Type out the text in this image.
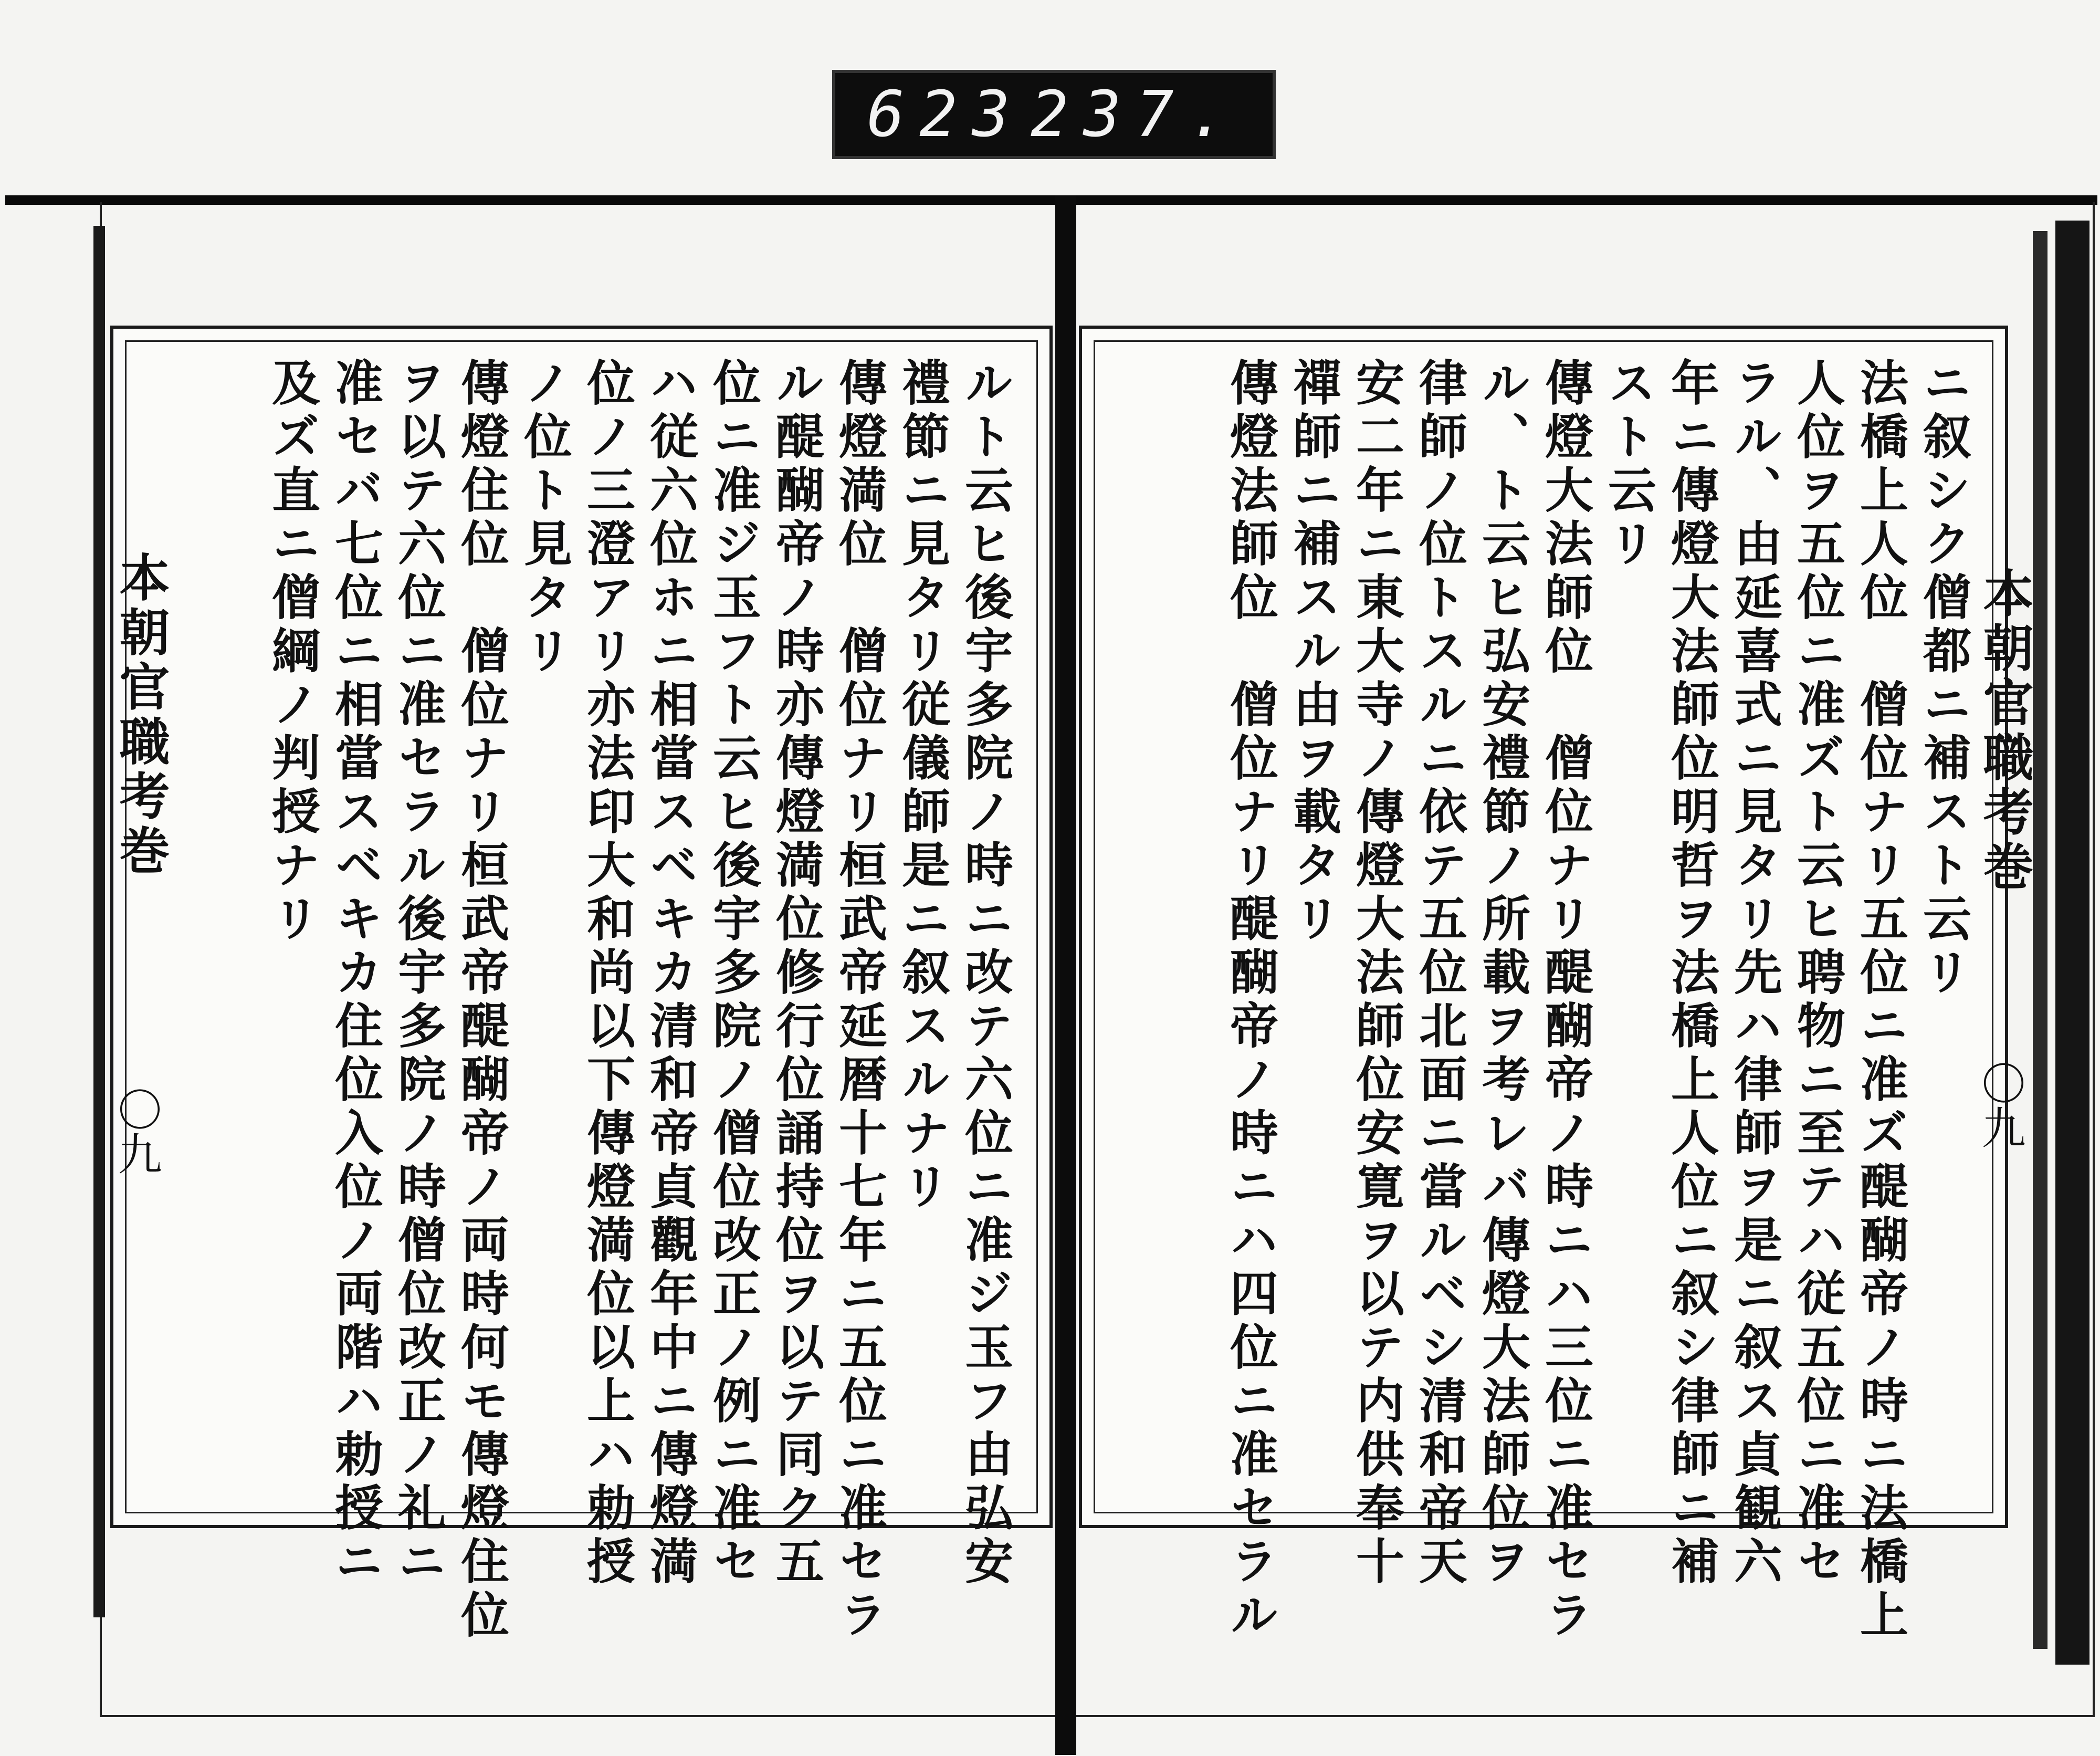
623 237.
ニ叙シク僧都ニ補スト云リ
法橋上人位　僧位ナリ五位ニ准ズ醍醐帝ノ時ニ法橋上
人位ヲ五位ニ准ズト云ヒ聘物ニ至テハ従五位ニ准セ
ラル、由延喜式ニ見タリ先ハ律師ヲ是ニ叙ス貞観六
年ニ傳燈大法師位明哲ヲ法橋上人位ニ叙シ律師ニ補
スト云リ
傳燈大法師位　僧位ナリ醍醐帝ノ時ニハ三位ニ准セラ
ル、ト云ヒ弘安禮節ノ所載ヲ考レバ傳燈大法師位ヲ
律師ノ位トスルニ依テ五位北面ニ當ルベシ清和帝天
安二年ニ東大寺ノ傳燈大法師位安寛ヲ以テ内供奉十
禪師ニ補スル由ヲ載タリ
傳燈法師位　僧位ナリ醍醐帝ノ時ニハ四位ニ准セラル
ルト云ヒ後宇多院ノ時ニ改テ六位ニ准ジ玉フ由弘安
禮節ニ見タリ従儀師是ニ叙スルナリ
傳燈満位　僧位ナリ桓武帝延暦十七年ニ五位ニ准セラ
ル醍醐帝ノ時亦傳燈満位修行位誦持位ヲ以テ同ク五
位ニ准ジ玉フト云ヒ後宇多院ノ僧位改正ノ例ニ准セ
ハ従六位ホニ相當スベキカ清和帝貞觀年中ニ傳燈満
位ノ三澄アリ亦法印大和尚以下傳燈満位以上ハ勅授
ノ位ト見タリ
傳燈住位　僧位ナリ桓武帝醍醐帝ノ両時何モ傳燈住位
ヲ以テ六位ニ准セラル後宇多院ノ時僧位改正ノ礼ニ
准セバ七位ニ相當スベキカ住位入位ノ両階ハ勅授ニ
及ズ直ニ僧綱ノ判授ナリ	本朝官職考巻
〇九
本朝官職考巻
〇九
